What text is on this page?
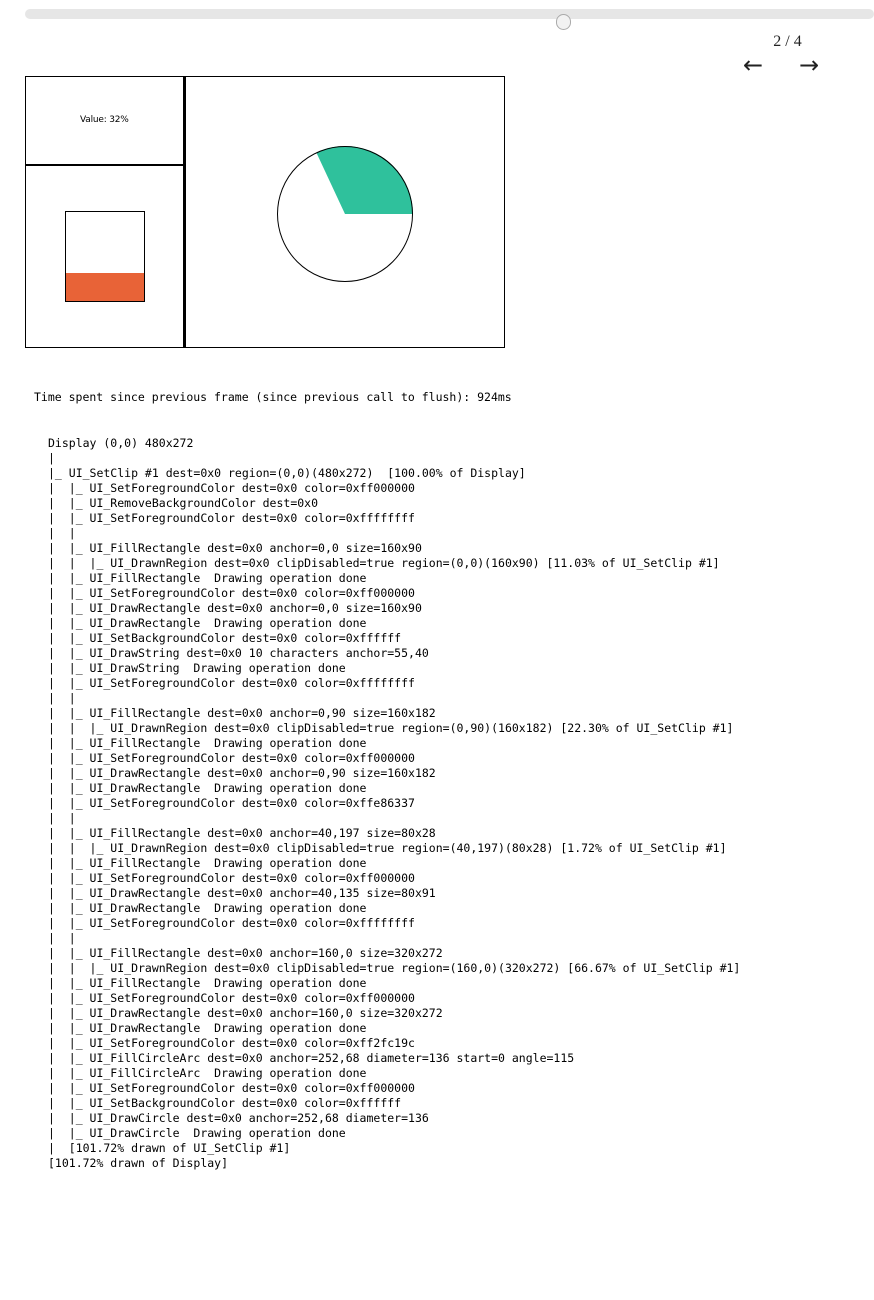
2 / 4
← →
Value: 32%
Time spent since previous frame (since previous call to flush): 924ms
Display (0,0) 480x272
|
|_ UI_SetClip #1 dest=0x0 region=(0,0)(480x272)  [100.00% of Display]
|  |_ UI_SetForegroundColor dest=0x0 color=0xff000000
|  |_ UI_RemoveBackgroundColor dest=0x0
|  |_ UI_SetForegroundColor dest=0x0 color=0xffffffff
|  |
|  |_ UI_FillRectangle dest=0x0 anchor=0,0 size=160x90
|  |  |_ UI_DrawnRegion dest=0x0 clipDisabled=true region=(0,0)(160x90) [11.03% of UI_SetClip #1]
|  |_ UI_FillRectangle  Drawing operation done
|  |_ UI_SetForegroundColor dest=0x0 color=0xff000000
|  |_ UI_DrawRectangle dest=0x0 anchor=0,0 size=160x90
|  |_ UI_DrawRectangle  Drawing operation done
|  |_ UI_SetBackgroundColor dest=0x0 color=0xffffff
|  |_ UI_DrawString dest=0x0 10 characters anchor=55,40
|  |_ UI_DrawString  Drawing operation done
|  |_ UI_SetForegroundColor dest=0x0 color=0xffffffff
|  |
|  |_ UI_FillRectangle dest=0x0 anchor=0,90 size=160x182
|  |  |_ UI_DrawnRegion dest=0x0 clipDisabled=true region=(0,90)(160x182) [22.30% of UI_SetClip #1]
|  |_ UI_FillRectangle  Drawing operation done
|  |_ UI_SetForegroundColor dest=0x0 color=0xff000000
|  |_ UI_DrawRectangle dest=0x0 anchor=0,90 size=160x182
|  |_ UI_DrawRectangle  Drawing operation done
|  |_ UI_SetForegroundColor dest=0x0 color=0xffe86337
|  |
|  |_ UI_FillRectangle dest=0x0 anchor=40,197 size=80x28
|  |  |_ UI_DrawnRegion dest=0x0 clipDisabled=true region=(40,197)(80x28) [1.72% of UI_SetClip #1]
|  |_ UI_FillRectangle  Drawing operation done
|  |_ UI_SetForegroundColor dest=0x0 color=0xff000000
|  |_ UI_DrawRectangle dest=0x0 anchor=40,135 size=80x91
|  |_ UI_DrawRectangle  Drawing operation done
|  |_ UI_SetForegroundColor dest=0x0 color=0xffffffff
|  |
|  |_ UI_FillRectangle dest=0x0 anchor=160,0 size=320x272
|  |  |_ UI_DrawnRegion dest=0x0 clipDisabled=true region=(160,0)(320x272) [66.67% of UI_SetClip #1]
|  |_ UI_FillRectangle  Drawing operation done
|  |_ UI_SetForegroundColor dest=0x0 color=0xff000000
|  |_ UI_DrawRectangle dest=0x0 anchor=160,0 size=320x272
|  |_ UI_DrawRectangle  Drawing operation done
|  |_ UI_SetForegroundColor dest=0x0 color=0xff2fc19c
|  |_ UI_FillCircleArc dest=0x0 anchor=252,68 diameter=136 start=0 angle=115
|  |_ UI_FillCircleArc  Drawing operation done
|  |_ UI_SetForegroundColor dest=0x0 color=0xff000000
|  |_ UI_SetBackgroundColor dest=0x0 color=0xffffff
|  |_ UI_DrawCircle dest=0x0 anchor=252,68 diameter=136
|  |_ UI_DrawCircle  Drawing operation done
|  [101.72% drawn of UI_SetClip #1]
[101.72% drawn of Display]
